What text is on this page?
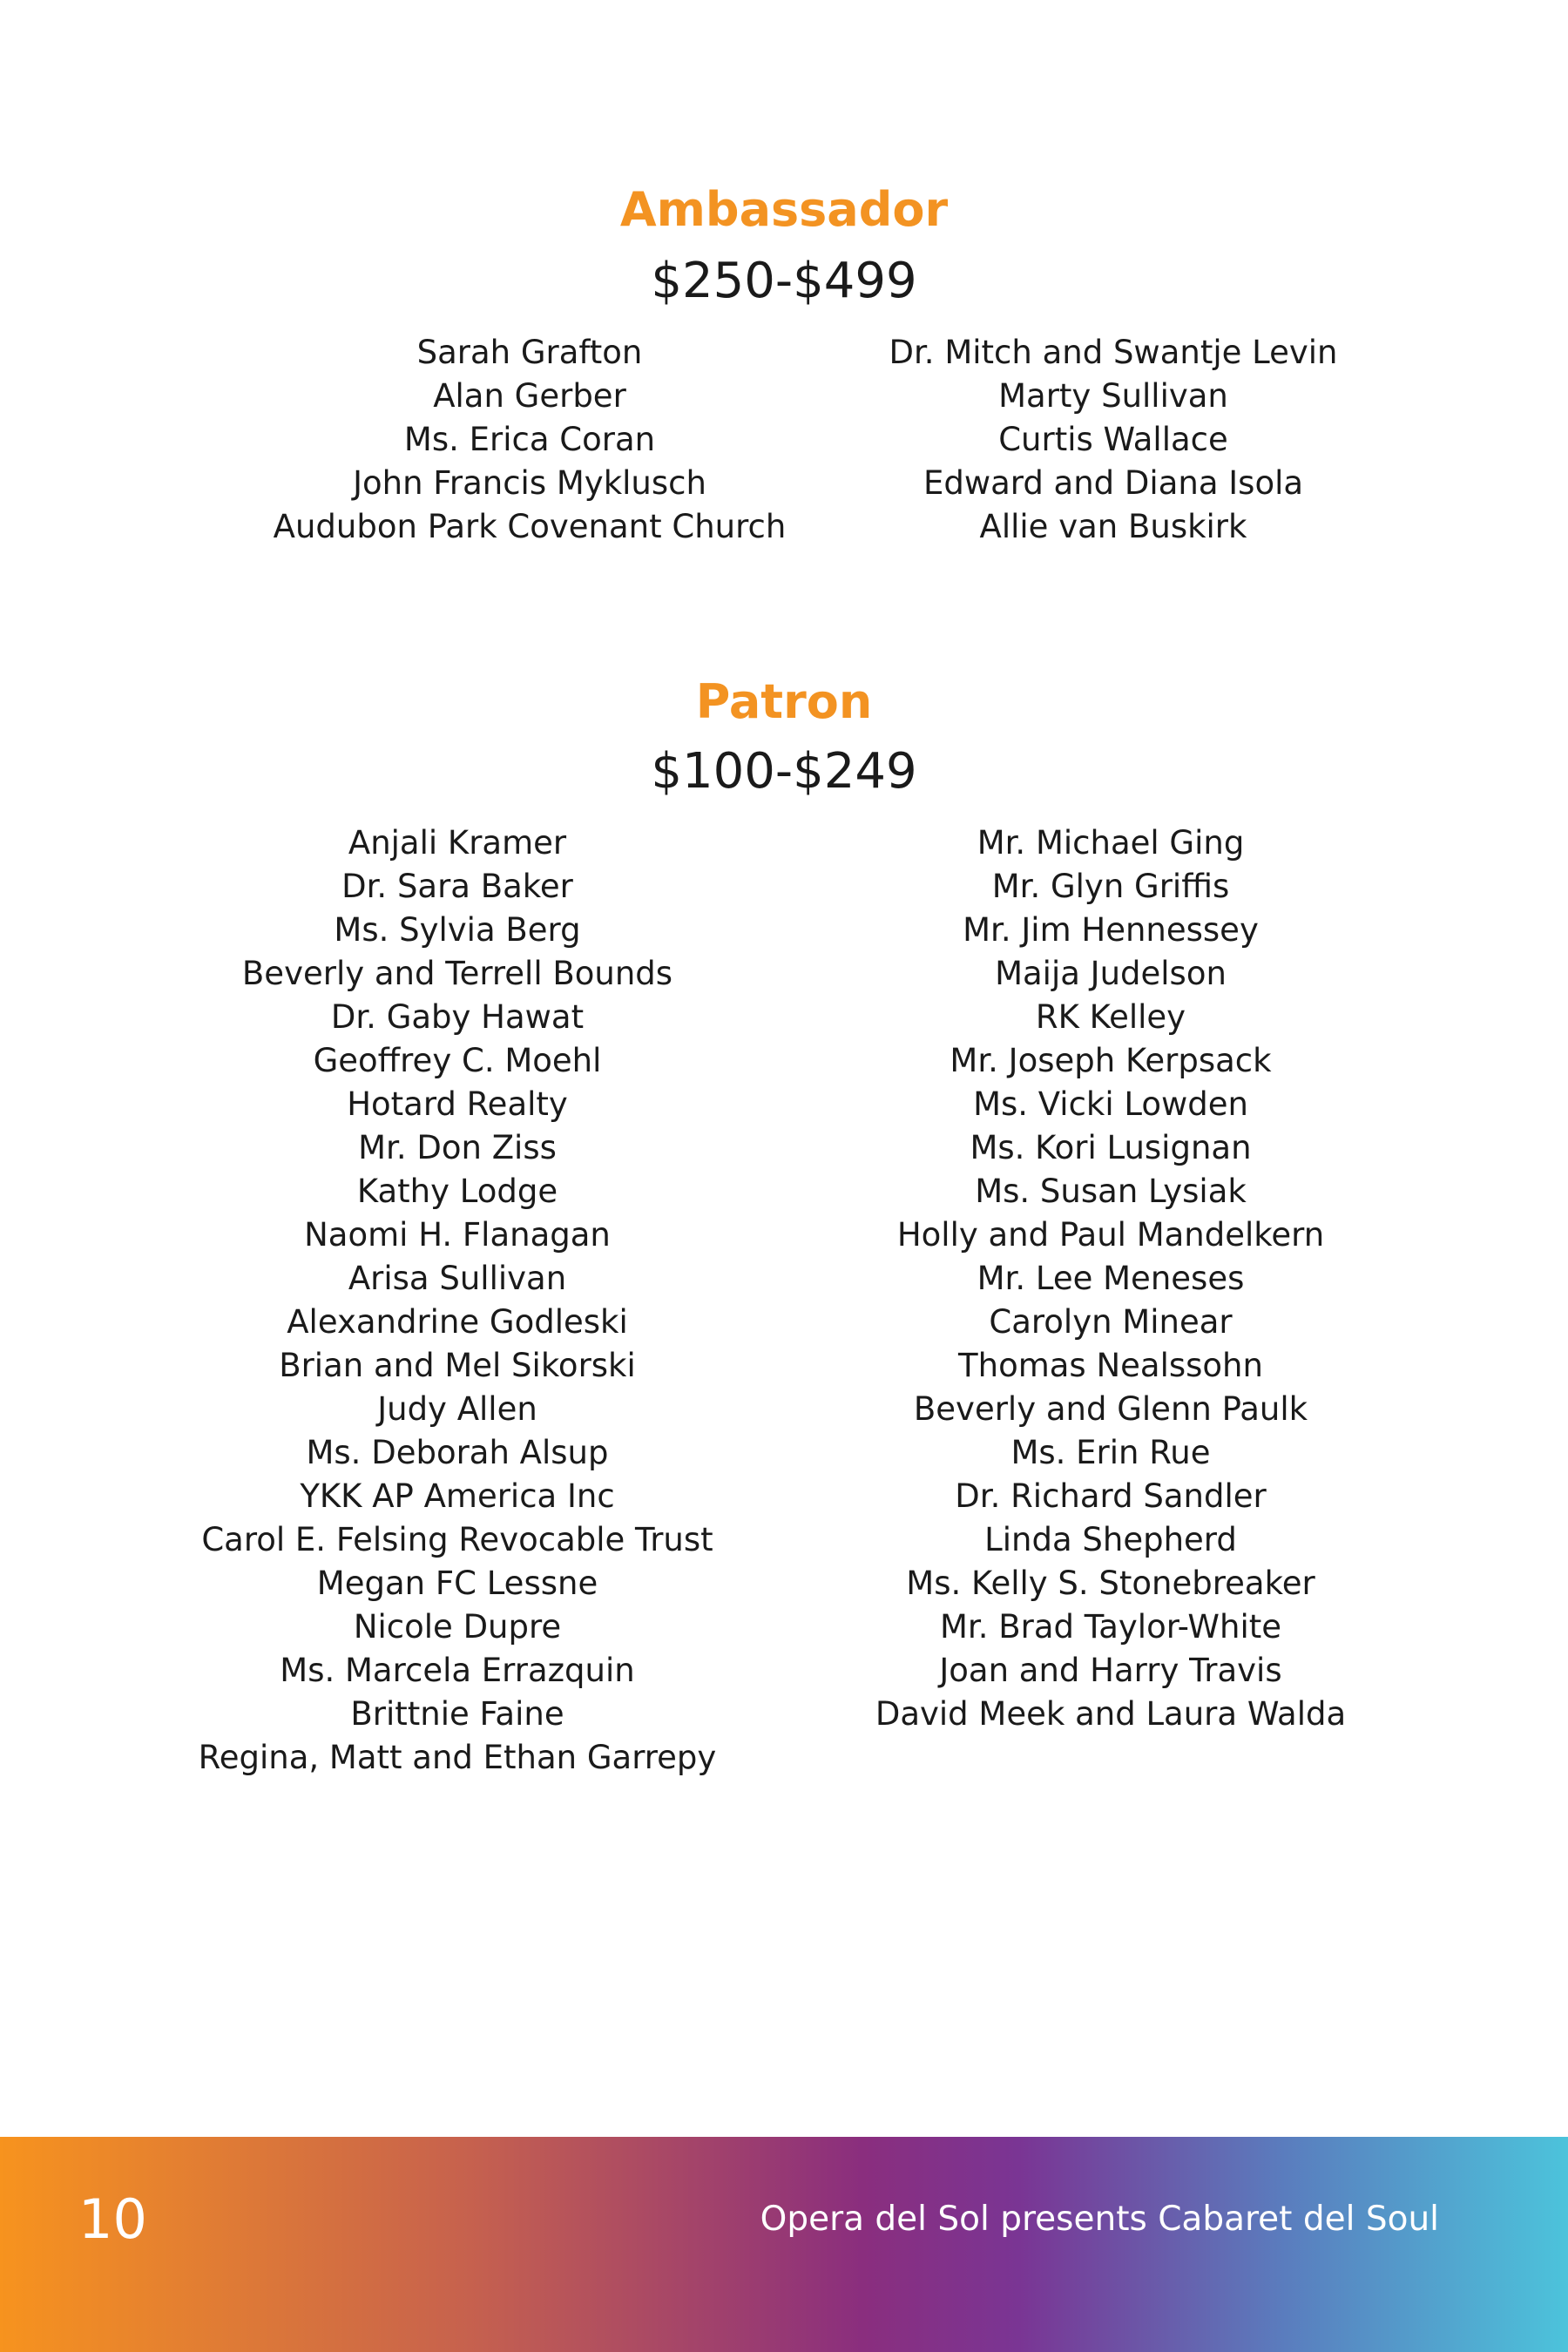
Ambassador

$250-$499

Sarah Grafton
Alan Gerber
Ms. Erica Coran
John Francis Myklusch
Audubon Park Covenant Church
Dr. Mitch and Swantje Levin
Marty Sullivan
Curtis Wallace
Edward and Diana Isola
Allie van Buskirk
Patron

$100-$249

Anjali Kramer
Dr. Sara Baker
Ms. Sylvia Berg
Beverly and Terrell Bounds
Dr. Gaby Hawat
Geoffrey C. Moehl
Hotard Realty
Mr. Don Ziss
Kathy Lodge
Naomi H. Flanagan
Arisa Sullivan
Alexandrine Godleski
Brian and Mel Sikorski
Judy Allen
Ms. Deborah Alsup
YKK AP America Inc
Carol E. Felsing Revocable Trust
Megan FC Lessne
Nicole Dupre
Ms. Marcela Errazquin
Brittnie Faine
Regina, Matt and Ethan Garrepy
Mr. Michael Ging
Mr. Glyn Griffis
Mr. Jim Hennessey
Maija Judelson
RK Kelley
Mr. Joseph Kerpsack
Ms. Vicki Lowden
Ms. Kori Lusignan
Ms. Susan Lysiak
Holly and Paul Mandelkern
Mr. Lee Meneses
Carolyn Minear
Thomas Nealssohn
Beverly and Glenn Paulk
Ms. Erin Rue
Dr. Richard Sandler
Linda Shepherd
Ms. Kelly S. Stonebreaker
Mr. Brad Taylor-White
Joan and Harry Travis
David Meek and Laura Walda
10	Opera del Sol presents Cabaret del Soul
